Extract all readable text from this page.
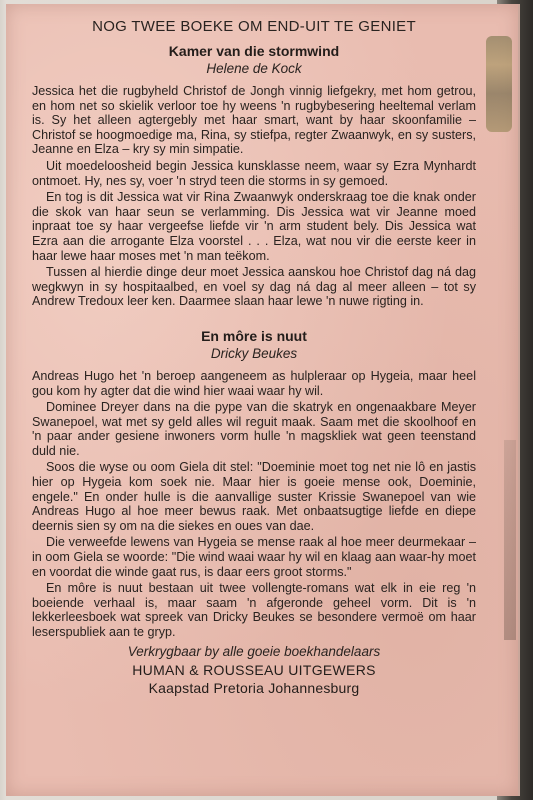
NOG TWEE BOEKE OM END-UIT TE GENIET

Kamer van die stormwind

Helene de Kock

Jessica het die rugbyheld Christof de Jongh vinnig liefgekry, met hom getrou, en hom net so skielik verloor toe hy weens 'n rugbybesering heeltemal verlam is. Sy het alleen agtergebly met haar smart, want by haar skoonfamilie – Christof se hoogmoedige ma, Rina, sy stiefpa, regter Zwaanwyk, en sy susters, Jeanne en Elza – kry sy min simpatie.

Uit moedeloosheid begin Jessica kunsklasse neem, waar sy Ezra Mynhardt ontmoet. Hy, nes sy, voer 'n stryd teen die storms in sy gemoed.

En tog is dit Jessica wat vir Rina Zwaanwyk onderskraag toe die knak onder die skok van haar seun se verlamming. Dis Jessica wat vir Jeanne moed inpraat toe sy haar vergeefse liefde vir 'n arm student bely. Dis Jessica wat Ezra aan die arrogante Elza voorstel . . . Elza, wat nou vir die eerste keer in haar lewe haar moses met 'n man teëkom.

Tussen al hierdie dinge deur moet Jessica aanskou hoe Christof dag ná dag wegkwyn in sy hospitaalbed, en voel sy dag ná dag al meer alleen – tot sy Andrew Tredoux leer ken. Daarmee slaan haar lewe 'n nuwe rigting in.

En môre is nuut

Dricky Beukes

Andreas Hugo het 'n beroep aangeneem as hulpleraar op Hygeia, maar heel gou kom hy agter dat die wind hier waai waar hy wil.

Dominee Dreyer dans na die pype van die skatryk en ongenaakbare Meyer Swanepoel, wat met sy geld alles wil reguit maak. Saam met die skoolhoof en 'n paar ander gesiene inwoners vorm hulle 'n magskliek wat geen teenstand duld nie.

Soos die wyse ou oom Giela dit stel: "Doeminie moet tog net nie lô en jastis hier op Hygeia kom soek nie. Maar hier is goeie mense ook, Doeminie, engele." En onder hulle is die aanvallige suster Krissie Swanepoel van wie Andreas Hugo al hoe meer bewus raak. Met onbaatsugtige liefde en diepe deernis sien sy om na die siekes en oues van dae.

Die verweefde lewens van Hygeia se mense raak al hoe meer deurmekaar – in oom Giela se woorde: "Die wind waai waar hy wil en klaag aan waar-hy moet en voordat die winde gaat rus, is daar eers groot storms."

En môre is nuut bestaan uit twee vollengte-romans wat elk in eie reg 'n boeiende verhaal is, maar saam 'n afgeronde geheel vorm. Dit is 'n lekkerleesboek wat spreek van Dricky Beukes se besondere vermoë om haar leserspubliek aan te gryp.

Verkrygbaar by alle goeie boekhandelaars

HUMAN & ROUSSEAU UITGEWERS

Kaapstad Pretoria Johannesburg
